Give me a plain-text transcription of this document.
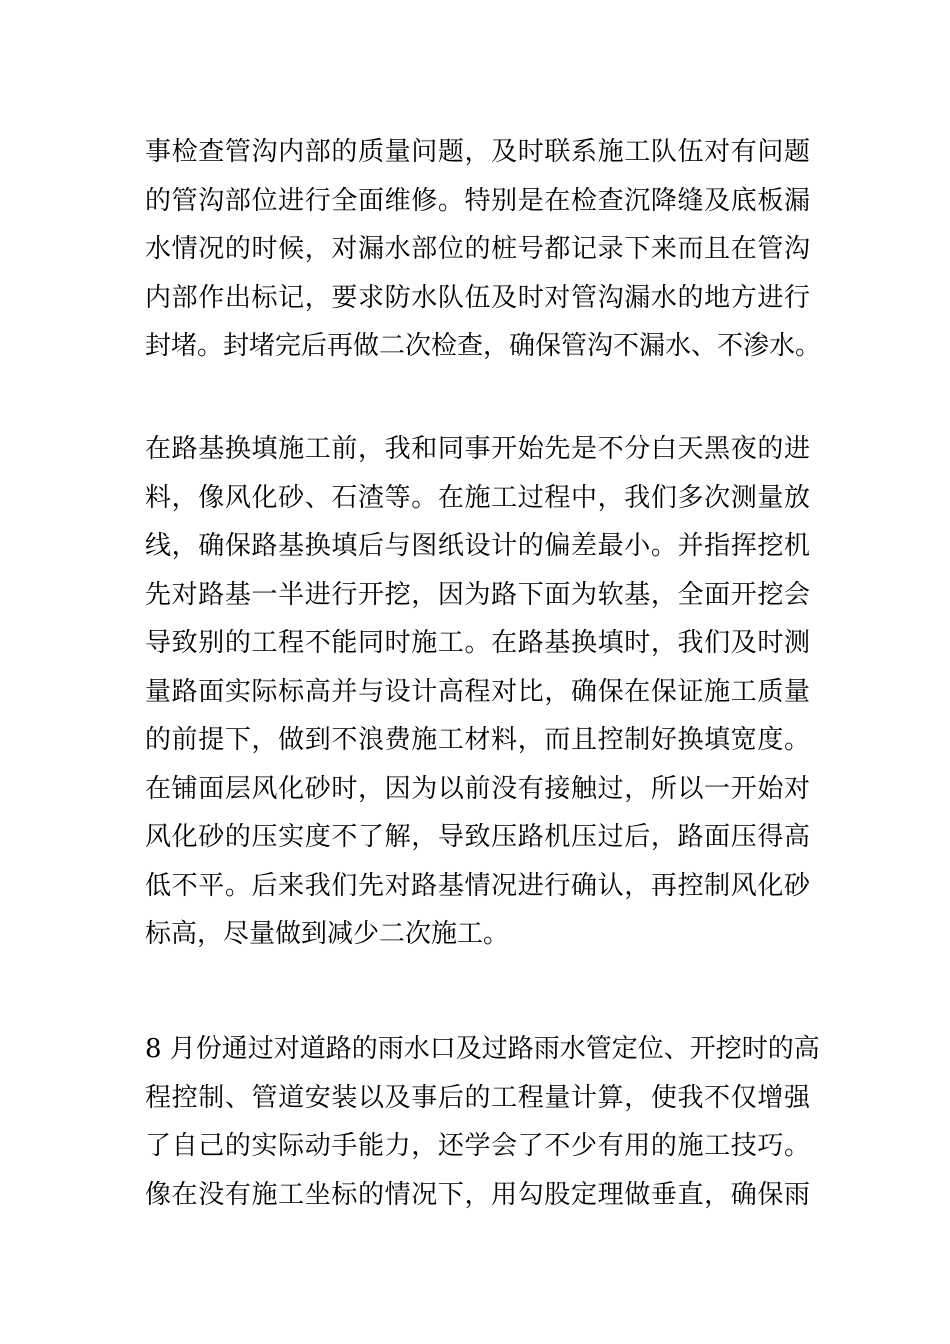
事检查管沟内部的质量问题，及时联系施工队伍对有问题
的管沟部位进行全面维修。特别是在检查沉降缝及底板漏
水情况的时候，对漏水部位的桩号都记录下来而且在管沟
内部作出标记，要求防水队伍及时对管沟漏水的地方进行
封堵。封堵完后再做二次检查，确保管沟不漏水、不渗水。
在路基换填施工前，我和同事开始先是不分白天黑夜的进
料，像风化砂、石渣等。在施工过程中，我们多次测量放
线，确保路基换填后与图纸设计的偏差最小。并指挥挖机
先对路基一半进行开挖，因为路下面为软基，全面开挖会
导致别的工程不能同时施工。在路基换填时，我们及时测
量路面实际标高并与设计高程对比，确保在保证施工质量
的前提下，做到不浪费施工材料，而且控制好换填宽度。
在铺面层风化砂时，因为以前没有接触过，所以一开始对
风化砂的压实度不了解，导致压路机压过后，路面压得高
低不平。后来我们先对路基情况进行确认，再控制风化砂
标高，尽量做到减少二次施工。
8 月份通过对道路的雨水口及过路雨水管定位、开挖时的高
程控制、管道安装以及事后的工程量计算，使我不仅增强
了自己的实际动手能力，还学会了不少有用的施工技巧。
像在没有施工坐标的情况下，用勾股定理做垂直，确保雨
